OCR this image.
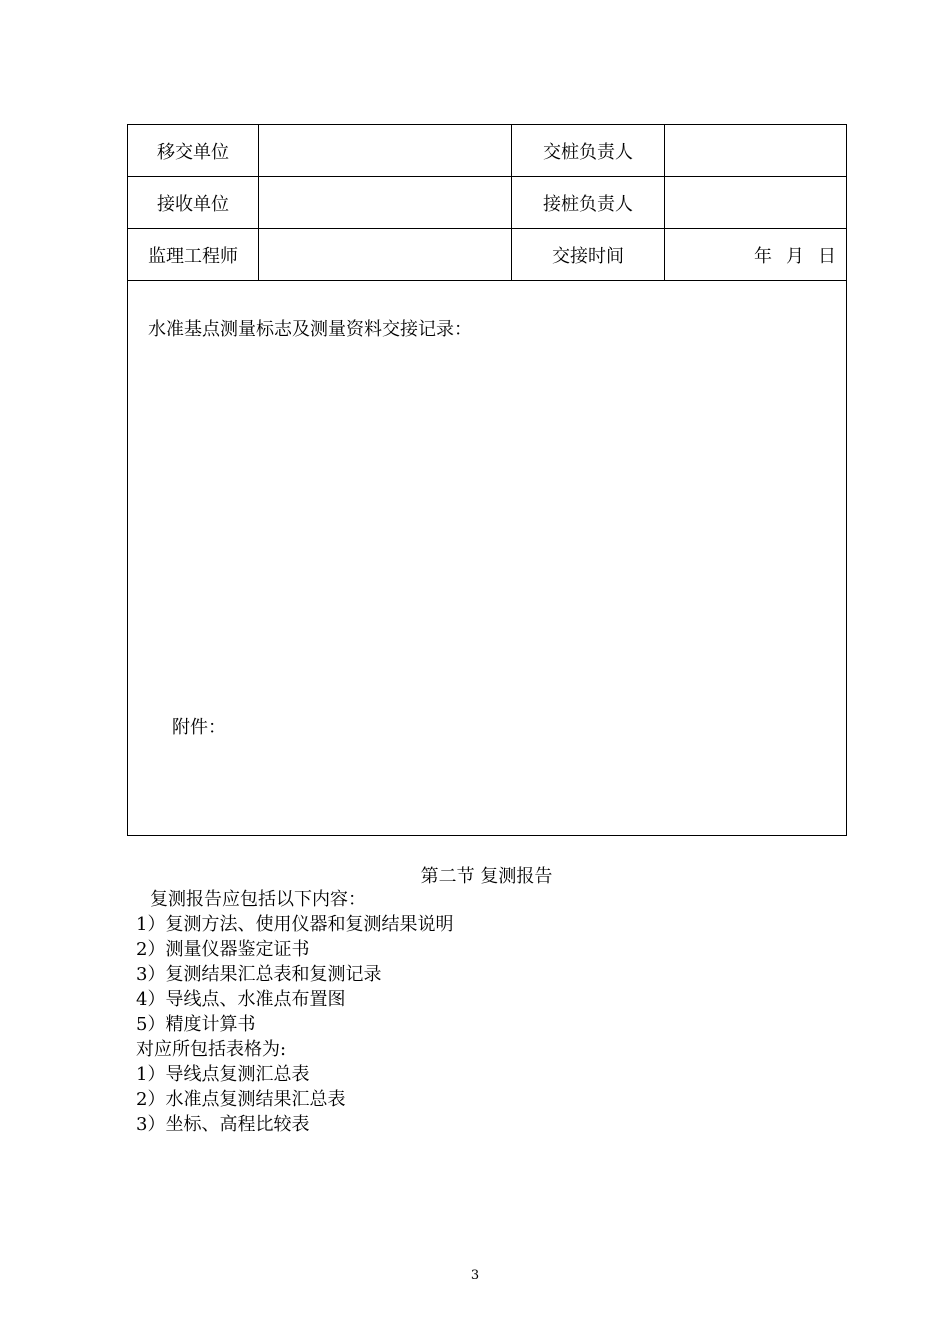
移交单位		交桩负责人	
接收单位		接桩负责人	
监理工程师		交接时间	年 月 日

水准基点测量标志及测量资料交接记录：
附件：			
第二节 复测报告
复测报告应包括以下内容：
1）复测方法、使用仪器和复测结果说明
2）测量仪器鉴定证书
3）复测结果汇总表和复测记录
4）导线点、水准点布置图
5）精度计算书
对应所包括表格为:
1）导线点复测汇总表
2）水准点复测结果汇总表
3）坐标、高程比较表
3
